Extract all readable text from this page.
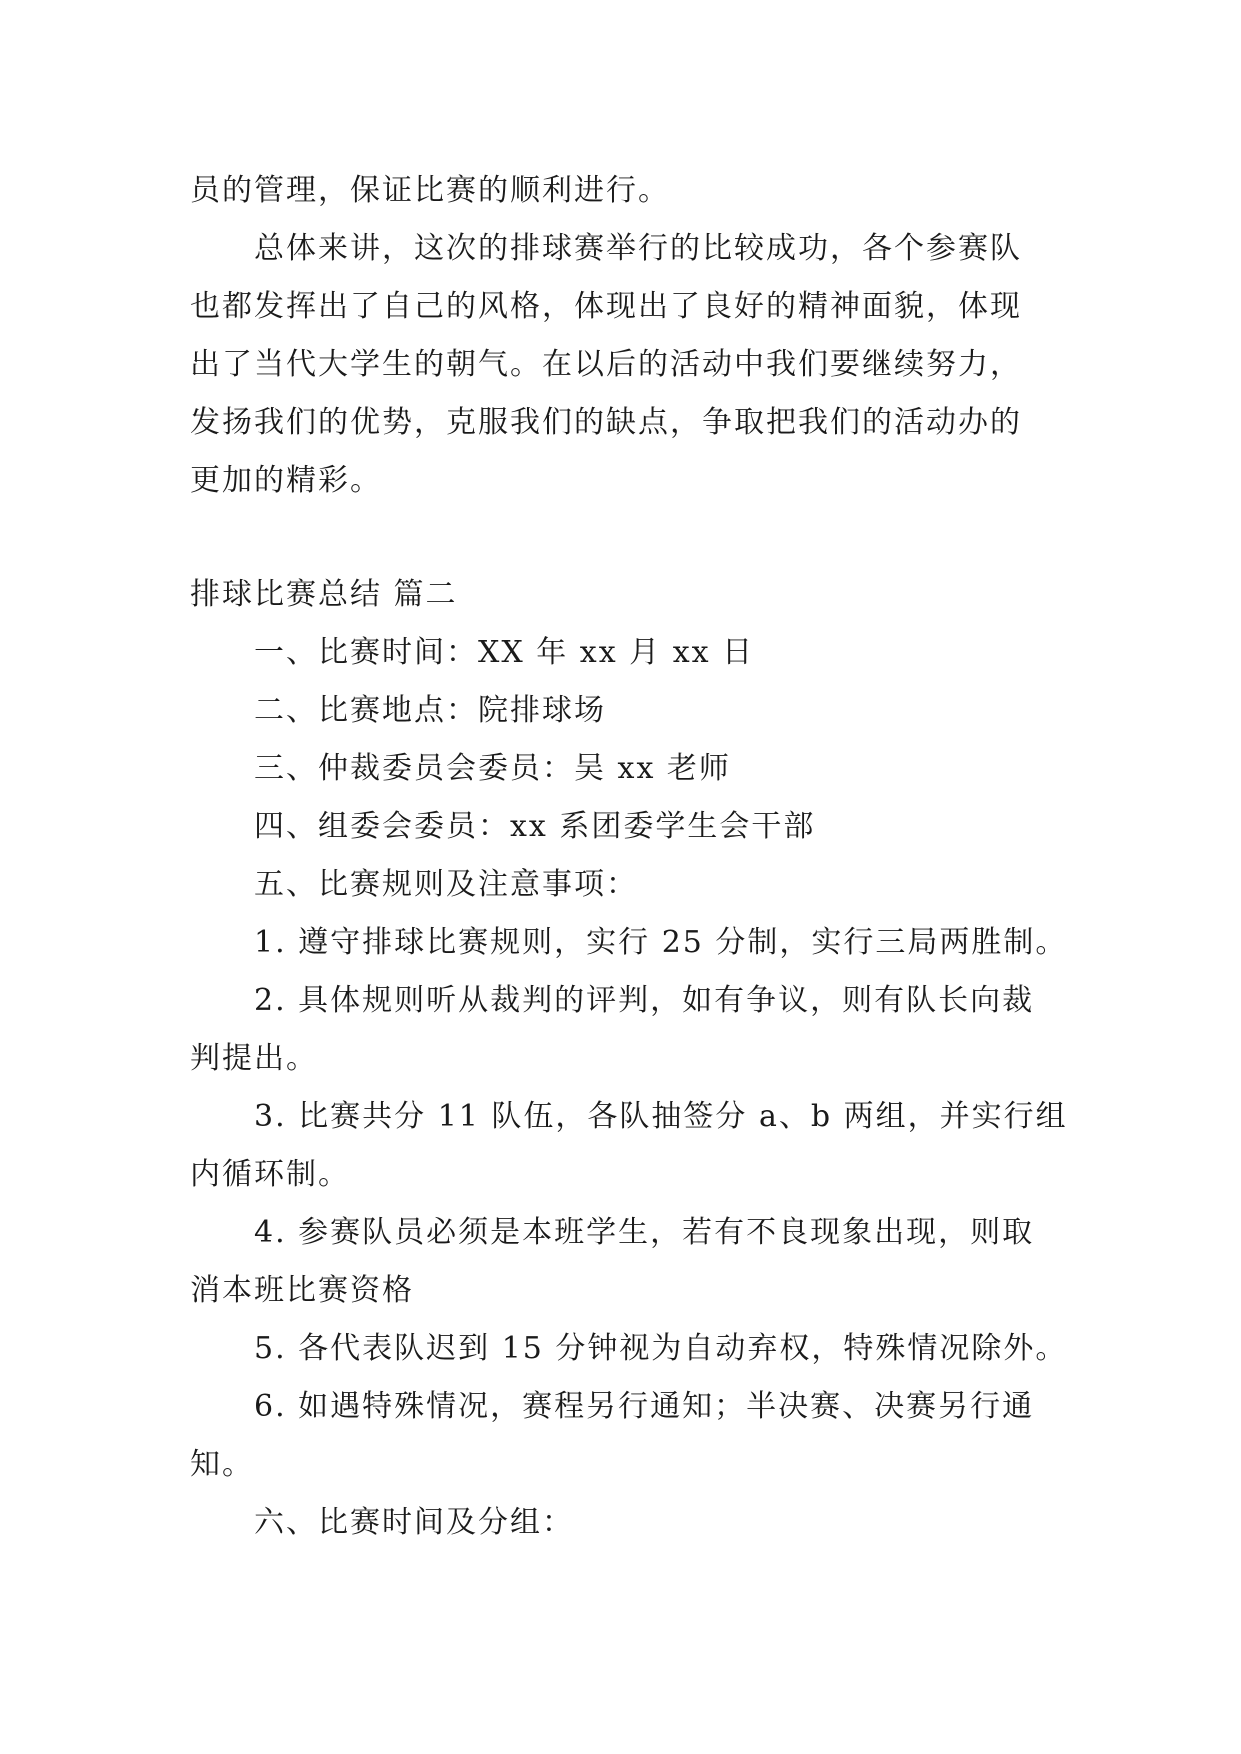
员的管理，保证比赛的顺利进行。
总体来讲，这次的排球赛举行的比较成功，各个参赛队
也都发挥出了自己的风格，体现出了良好的精神面貌，体现
出了当代大学生的朝气。在以后的活动中我们要继续努力，
发扬我们的优势，克服我们的缺点，争取把我们的活动办的
更加的精彩。
排球比赛总结 篇二
一、比赛时间：XX 年 xx 月 xx 日
二、比赛地点：院排球场
三、仲裁委员会委员：吴 xx 老师
四、组委会委员：xx 系团委学生会干部
五、比赛规则及注意事项：
1. 遵守排球比赛规则，实行 25 分制，实行三局两胜制。
2. 具体规则听从裁判的评判，如有争议，则有队长向裁
判提出。
3. 比赛共分 11 队伍，各队抽签分 a、b 两组，并实行组
内循环制。
4. 参赛队员必须是本班学生，若有不良现象出现，则取
消本班比赛资格
5. 各代表队迟到 15 分钟视为自动弃权，特殊情况除外。
6. 如遇特殊情况，赛程另行通知；半决赛、决赛另行通
知。
六、比赛时间及分组：
